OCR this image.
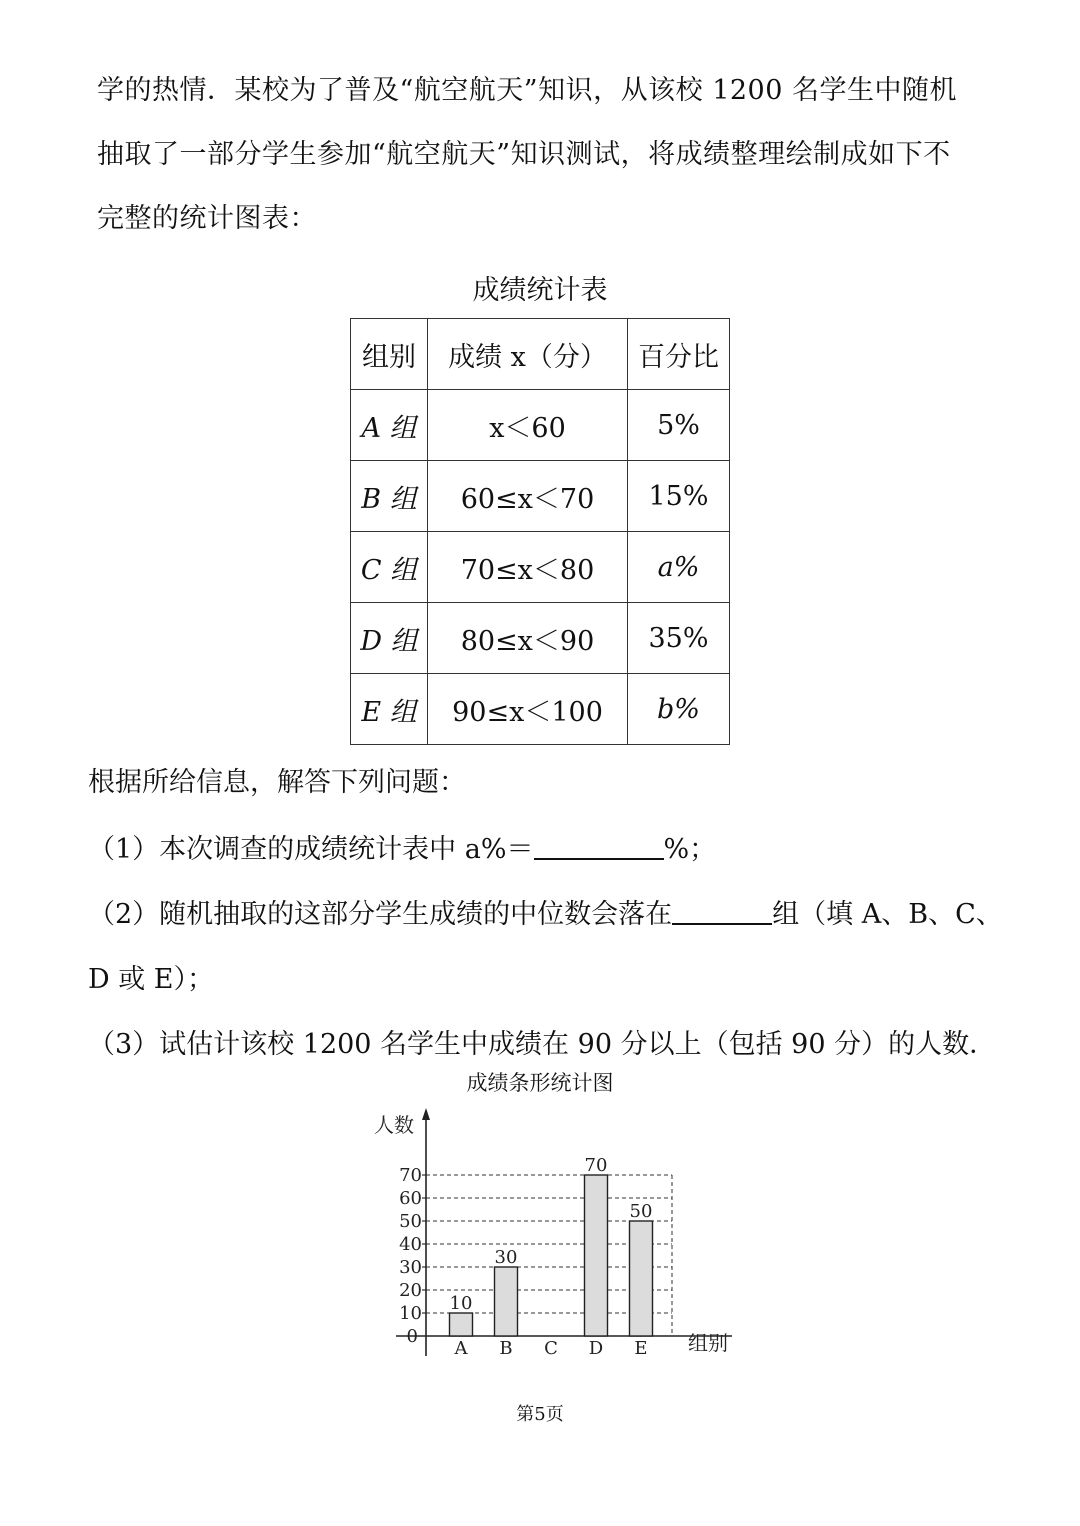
学的热情．某校为了普及“航空航天”知识，从该校 1200 名学生中随机
抽取了一部分学生参加“航空航天”知识测试，将成绩整理绘制成如下不
完整的统计图表：
成绩统计表
组别	成绩 x（分）	百分比
A 组	x＜60	5%
B 组	60≤x＜70	15%
C 组	70≤x＜80	a%
D 组	80≤x＜90	35%
E 组	90≤x＜100	b%
根据所给信息，解答下列问题：
（1）本次调查的成绩统计表中 a%＝	%；
（2）随机抽取的这部分学生成绩的中位数会落在	组（填 A、B、C、
D 或 E）；
（3）试估计该校 1200 名学生中成绩在 90 分以上（包括 90 分）的人数．
成绩条形统计图
0
10
20
30
40
50
60
70
人数
组别
10
A
30
B C
70
D
50
E
第5页
